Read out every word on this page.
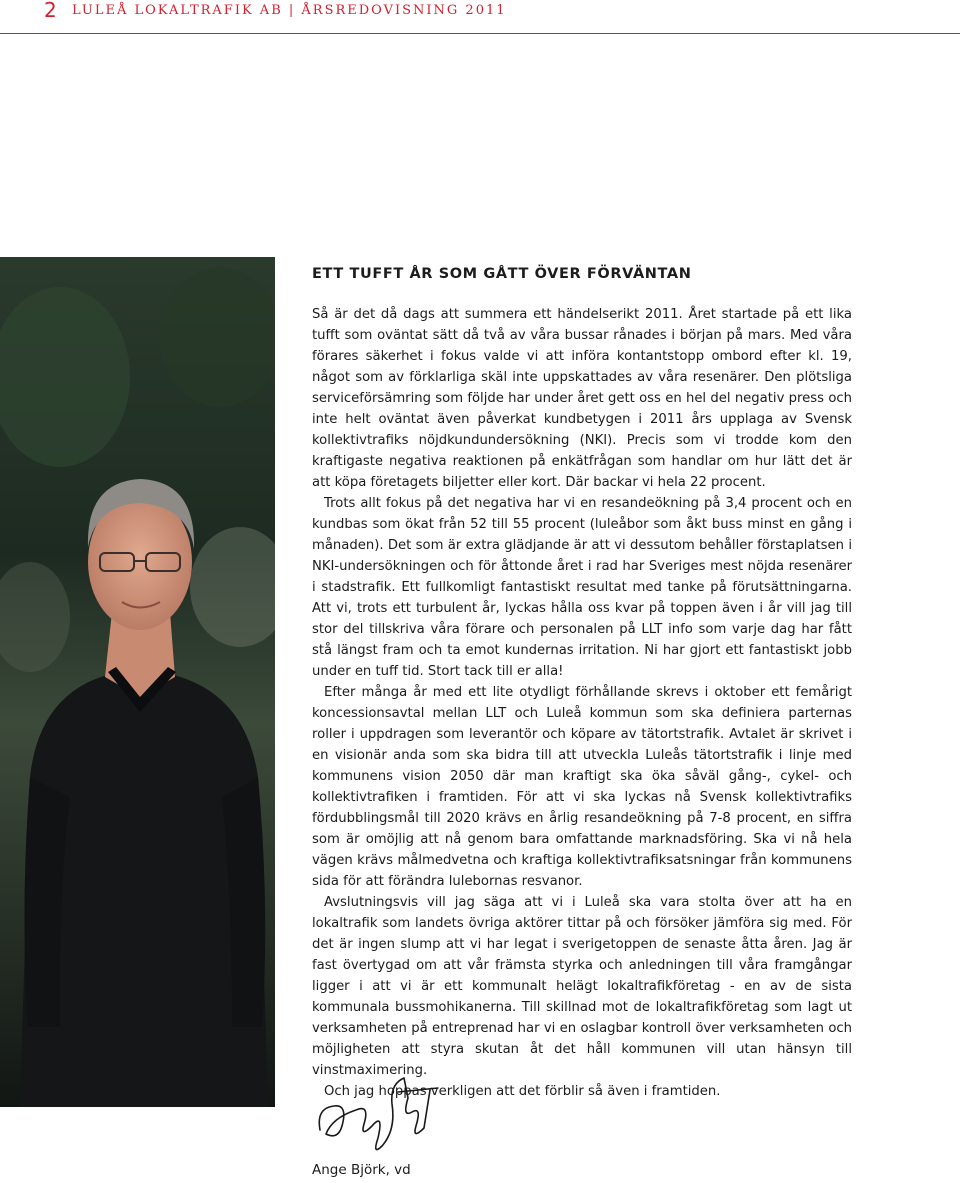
2 LULEÅ LOKALTRAFIK AB | ÅRSREDOVISNING 2011
ETT TUFFT ÅR SOM GÅTT ÖVER FÖRVÄNTAN

Så är det då dags att summera ett händelserikt 2011. Året startade på ett lika tufft som oväntat sätt då två av våra bussar rånades i början på mars. Med våra förares säkerhet i fokus valde vi att införa kontantstopp ombord efter kl. 19, något som av förklarliga skäl inte uppskattades av våra resenärer. Den plötsliga serviceförsämring som följde har under året gett oss en hel del negativ press och inte helt oväntat även påverkat kundbetygen i 2011 års upplaga av Svensk kollektivtrafiks nöjdkundundersökning (NKI). Precis som vi trodde kom den kraftigaste negativa reaktionen på enkätfrågan som handlar om hur lätt det är att köpa företagets biljetter eller kort. Där backar vi hela 22 procent.

Trots allt fokus på det negativa har vi en resandeökning på 3,4 procent och en kundbas som ökat från 52 till 55 procent (luleåbor som åkt buss minst en gång i månaden). Det som är extra glädjande är att vi dessutom behåller förstaplatsen i NKI-undersökningen och för åttonde året i rad har Sveriges mest nöjda resenärer i stadstrafik. Ett fullkomligt fantastiskt resultat med tanke på förutsättningarna. Att vi, trots ett turbulent år, lyckas hålla oss kvar på toppen även i år vill jag till stor del tillskriva våra förare och personalen på LLT info som varje dag har fått stå längst fram och ta emot kundernas irritation. Ni har gjort ett fantastiskt jobb under en tuff tid. Stort tack till er alla!

Efter många år med ett lite otydligt förhållande skrevs i oktober ett femårigt koncessionsavtal mellan LLT och Luleå kommun som ska definiera parternas roller i uppdragen som leverantör och köpare av tätortstrafik. Avtalet är skrivet i en visionär anda som ska bidra till att utveckla Luleås tätortstrafik i linje med kommunens vision 2050 där man kraftigt ska öka såväl gång-, cykel- och kollektivtrafiken i framtiden. För att vi ska lyckas nå Svensk kollektivtrafiks fördubblingsmål till 2020 krävs en årlig resandeökning på 7-8 procent, en siffra som är omöjlig att nå genom bara omfattande marknadsföring. Ska vi nå hela vägen krävs målmedvetna och kraftiga kollektivtrafiksatsningar från kommunens sida för att förändra lulebornas resvanor.

Avslutningsvis vill jag säga att vi i Luleå ska vara stolta över att ha en lokaltrafik som landets övriga aktörer tittar på och försöker jämföra sig med. För det är ingen slump att vi har legat i sverigetoppen de senaste åtta åren. Jag är fast övertygad om att vår främsta styrka och anledningen till våra framgångar ligger i att vi är ett kommunalt helägt lokaltrafikföretag - en av de sista kommunala bussmohikanerna. Till skillnad mot de lokaltrafikföretag som lagt ut verksamheten på entreprenad har vi en oslagbar kontroll över verksamheten och möjligheten att styra skutan åt det håll kommunen vill utan hänsyn till vinstmaximering.

Och jag hoppas verkligen att det förblir så även i framtiden.

Ange Björk, vd
